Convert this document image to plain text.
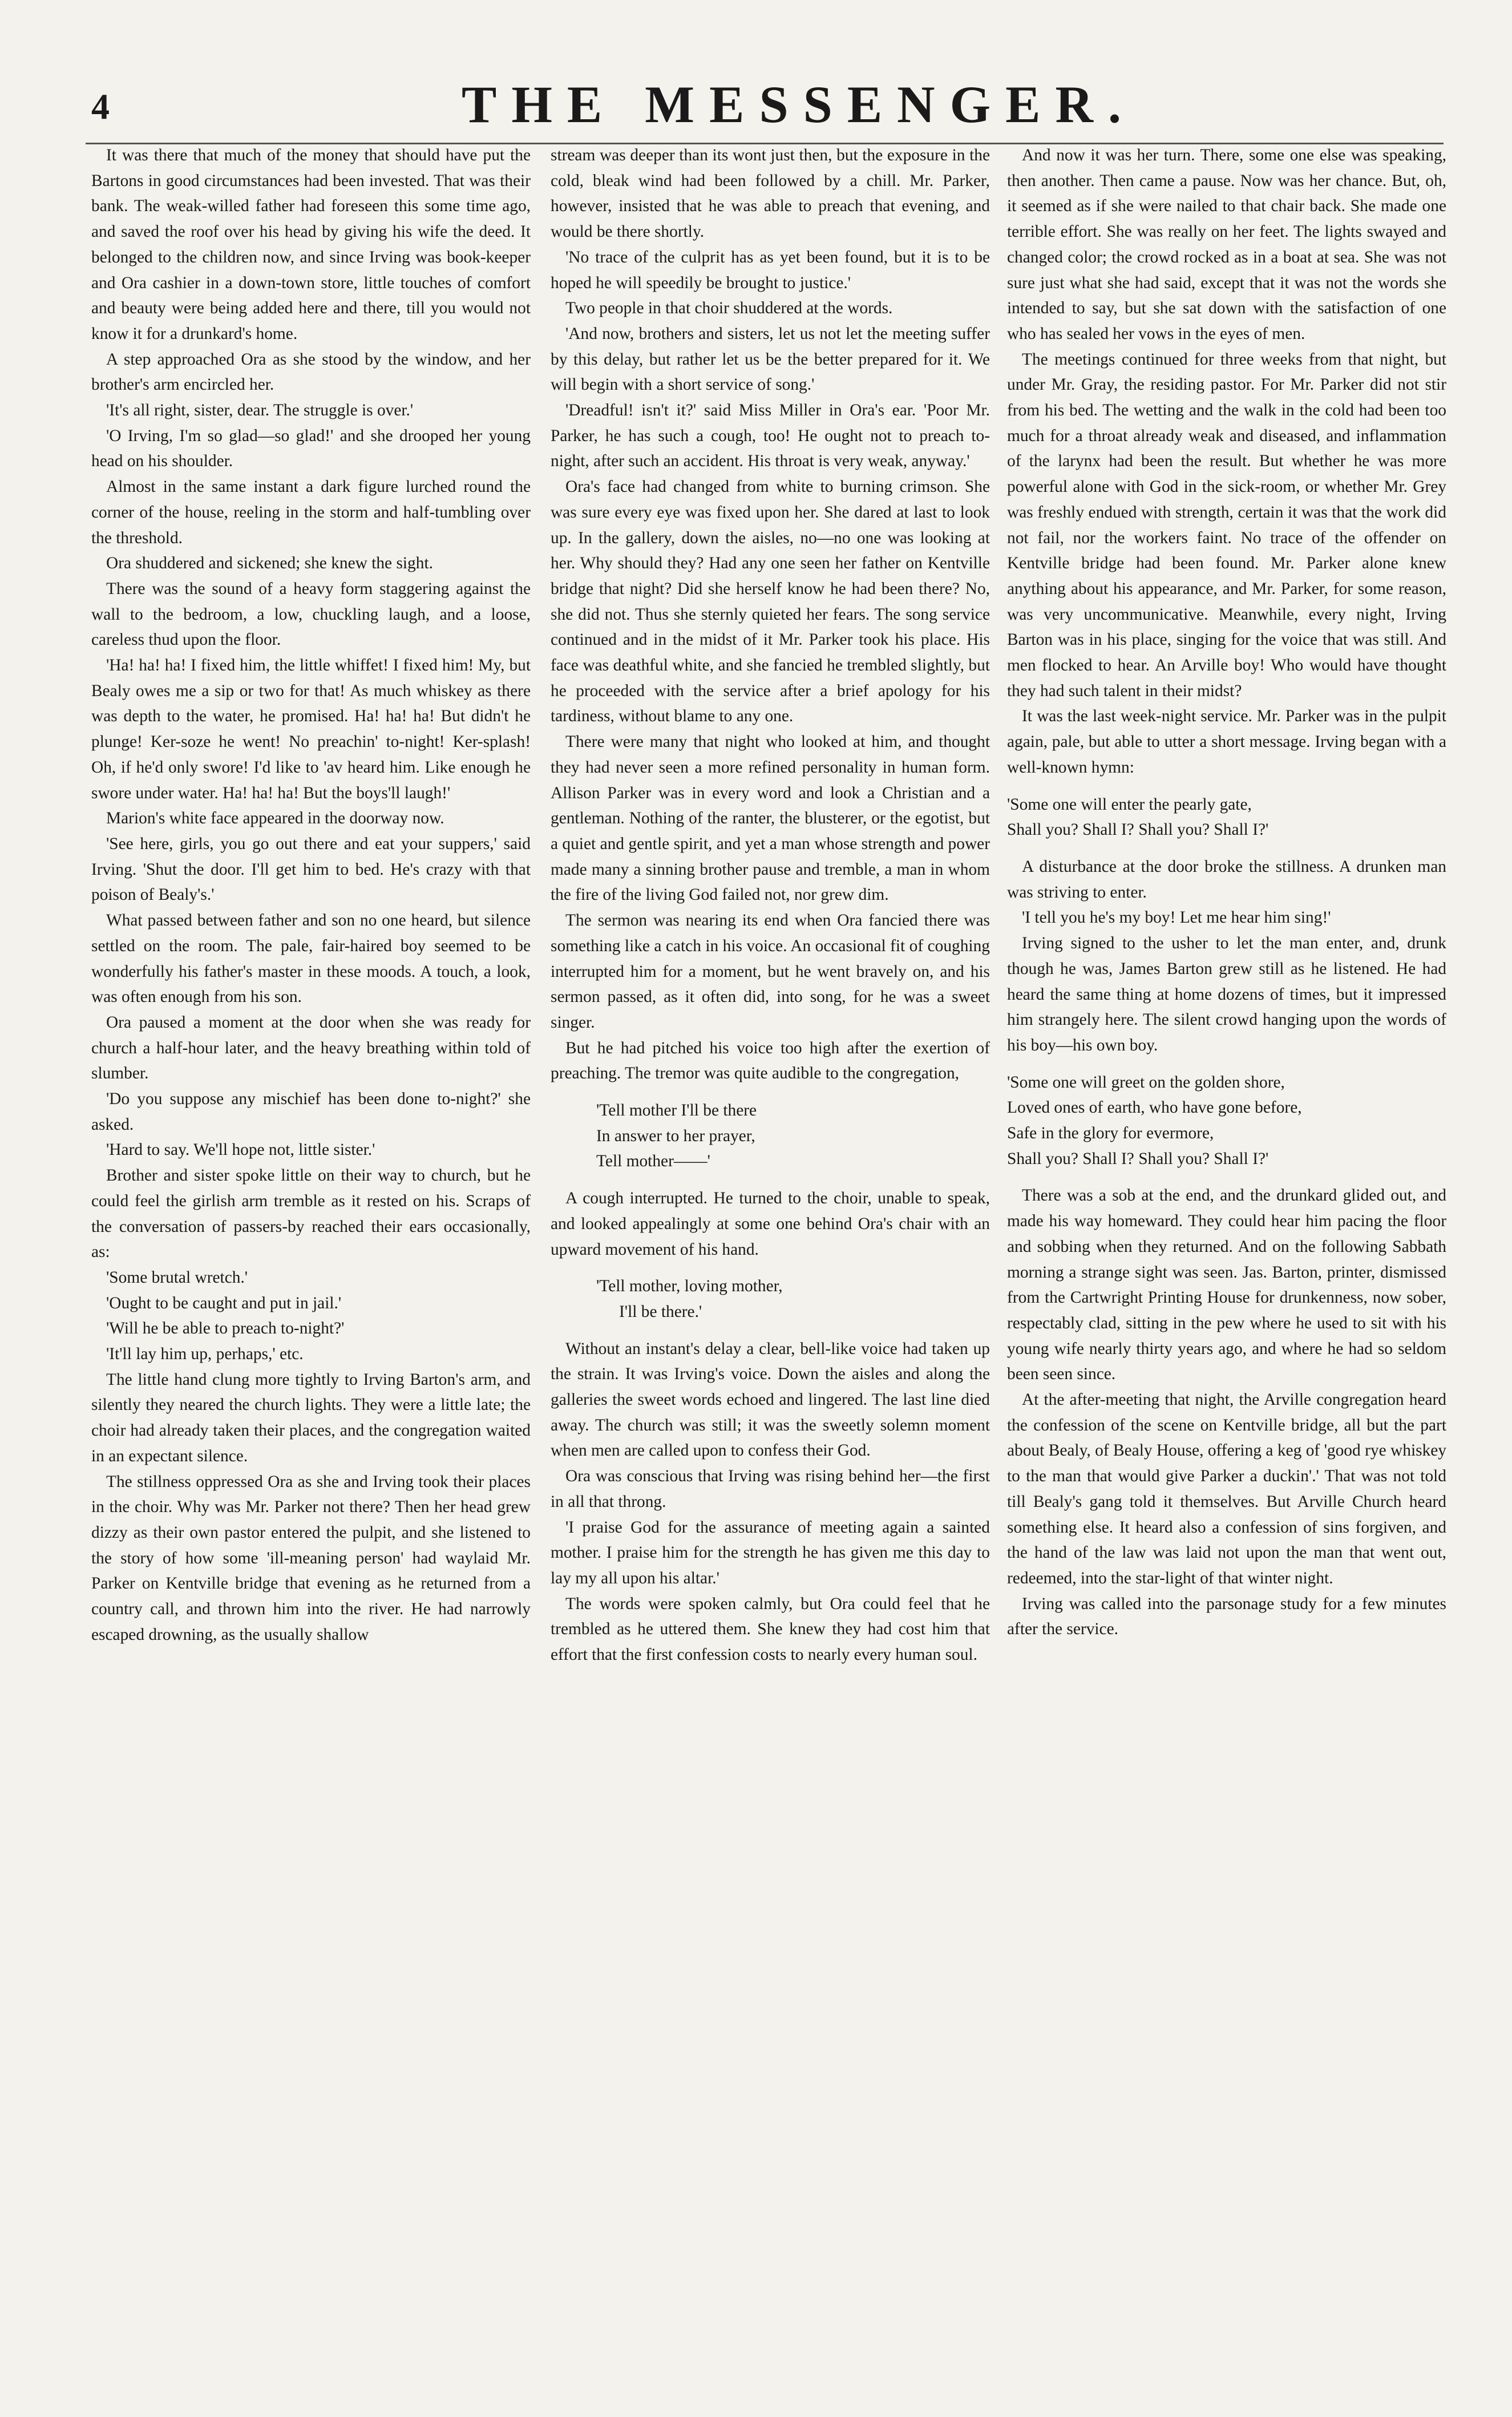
4	THE MESSENGER.

It was there that much of the money that should have put the Bartons in good circumstances had been invested. That was their bank. The weak-willed father had foreseen this some time ago, and saved the roof over his head by giving his wife the deed. It belonged to the children now, and since Irving was book-keeper and Ora cashier in a down-town store, little touches of comfort and beauty were being added here and there, till you would not know it for a drunkard's home.

A step approached Ora as she stood by the window, and her brother's arm encircled her.

'It's all right, sister, dear. The struggle is over.'

'O Irving, I'm so glad—so glad!' and she drooped her young head on his shoulder.

Almost in the same instant a dark figure lurched round the corner of the house, reeling in the storm and half-tumbling over the threshold.

Ora shuddered and sickened; she knew the sight.

There was the sound of a heavy form staggering against the wall to the bedroom, a low, chuckling laugh, and a loose, careless thud upon the floor.

'Ha! ha! ha! I fixed him, the little whiffet! I fixed him! My, but Bealy owes me a sip or two for that! As much whiskey as there was depth to the water, he promised. Ha! ha! ha! But didn't he plunge! Ker-soze he went! No preachin' to-night! Ker-splash! Oh, if he'd only swore! I'd like to 'av heard him. Like enough he swore under water. Ha! ha! ha! But the boys'll laugh!'

Marion's white face appeared in the doorway now.

'See here, girls, you go out there and eat your suppers,' said Irving. 'Shut the door. I'll get him to bed. He's crazy with that poison of Bealy's.'

What passed between father and son no one heard, but silence settled on the room. The pale, fair-haired boy seemed to be wonderfully his father's master in these moods. A touch, a look, was often enough from his son.

Ora paused a moment at the door when she was ready for church a half-hour later, and the heavy breathing within told of slumber.

'Do you suppose any mischief has been done to-night?' she asked.

'Hard to say. We'll hope not, little sister.'

Brother and sister spoke little on their way to church, but he could feel the girlish arm tremble as it rested on his. Scraps of the conversation of passers-by reached their ears occasionally, as:

'Some brutal wretch.'

'Ought to be caught and put in jail.'

'Will he be able to preach to-night?'

'It'll lay him up, perhaps,' etc.

The little hand clung more tightly to Irving Barton's arm, and silently they neared the church lights. They were a little late; the choir had already taken their places, and the congregation waited in an expectant silence.

The stillness oppressed Ora as she and Irving took their places in the choir. Why was Mr. Parker not there? Then her head grew dizzy as their own pastor entered the pulpit, and she listened to the story of how some 'ill-meaning person' had waylaid Mr. Parker on Kentville bridge that evening as he returned from a country call, and thrown him into the river. He had narrowly escaped drowning, as the usually shallow

stream was deeper than its wont just then, but the exposure in the cold, bleak wind had been followed by a chill. Mr. Parker, however, insisted that he was able to preach that evening, and would be there shortly.

'No trace of the culprit has as yet been found, but it is to be hoped he will speedily be brought to justice.'

Two people in that choir shuddered at the words.

'And now, brothers and sisters, let us not let the meeting suffer by this delay, but rather let us be the better prepared for it. We will begin with a short service of song.'

'Dreadful! isn't it?' said Miss Miller in Ora's ear. 'Poor Mr. Parker, he has such a cough, too! He ought not to preach to-night, after such an accident. His throat is very weak, anyway.'

Ora's face had changed from white to burning crimson. She was sure every eye was fixed upon her. She dared at last to look up. In the gallery, down the aisles, no—no one was looking at her. Why should they? Had any one seen her father on Kentville bridge that night? Did she herself know he had been there? No, she did not. Thus she sternly quieted her fears. The song service continued and in the midst of it Mr. Parker took his place. His face was deathful white, and she fancied he trembled slightly, but he proceeded with the service after a brief apology for his tardiness, without blame to any one.

There were many that night who looked at him, and thought they had never seen a more refined personality in human form. Allison Parker was in every word and look a Christian and a gentleman. Nothing of the ranter, the blusterer, or the egotist, but a quiet and gentle spirit, and yet a man whose strength and power made many a sinning brother pause and tremble, a man in whom the fire of the living God failed not, nor grew dim.

The sermon was nearing its end when Ora fancied there was something like a catch in his voice. An occasional fit of coughing interrupted him for a moment, but he went bravely on, and his sermon passed, as it often did, into song, for he was a sweet singer.

But he had pitched his voice too high after the exertion of preaching. The tremor was quite audible to the congregation,

'Tell mother I'll be there

In answer to her prayer,

Tell mother——'

A cough interrupted. He turned to the choir, unable to speak, and looked appealingly at some one behind Ora's chair with an upward movement of his hand.

'Tell mother, loving mother,

I'll be there.'

Without an instant's delay a clear, bell-like voice had taken up the strain. It was Irving's voice. Down the aisles and along the galleries the sweet words echoed and lingered. The last line died away. The church was still; it was the sweetly solemn moment when men are called upon to confess their God.

Ora was conscious that Irving was rising behind her—the first in all that throng.

'I praise God for the assurance of meeting again a sainted mother. I praise him for the strength he has given me this day to lay my all upon his altar.'

The words were spoken calmly, but Ora could feel that he trembled as he uttered them. She knew they had cost him that effort that the first confession costs to nearly every human soul.

And now it was her turn. There, some one else was speaking, then another. Then came a pause. Now was her chance. But, oh, it seemed as if she were nailed to that chair back. She made one terrible effort. She was really on her feet. The lights swayed and changed color; the crowd rocked as in a boat at sea. She was not sure just what she had said, except that it was not the words she intended to say, but she sat down with the satisfaction of one who has sealed her vows in the eyes of men.

The meetings continued for three weeks from that night, but under Mr. Gray, the residing pastor. For Mr. Parker did not stir from his bed. The wetting and the walk in the cold had been too much for a throat already weak and diseased, and inflammation of the larynx had been the result. But whether he was more powerful alone with God in the sick-room, or whether Mr. Grey was freshly endued with strength, certain it was that the work did not fail, nor the workers faint. No trace of the offender on Kentville bridge had been found. Mr. Parker alone knew anything about his appearance, and Mr. Parker, for some reason, was very uncommunicative. Meanwhile, every night, Irving Barton was in his place, singing for the voice that was still. And men flocked to hear. An Arville boy! Who would have thought they had such talent in their midst?

It was the last week-night service. Mr. Parker was in the pulpit again, pale, but able to utter a short message. Irving began with a well-known hymn:

'Some one will enter the pearly gate,

Shall you? Shall I? Shall you? Shall I?'

A disturbance at the door broke the stillness. A drunken man was striving to enter.

'I tell you he's my boy! Let me hear him sing!'

Irving signed to the usher to let the man enter, and, drunk though he was, James Barton grew still as he listened. He had heard the same thing at home dozens of times, but it impressed him strangely here. The silent crowd hanging upon the words of his boy—his own boy.

'Some one will greet on the golden shore,

Loved ones of earth, who have gone before,

Safe in the glory for evermore,

Shall you? Shall I? Shall you? Shall I?'

There was a sob at the end, and the drunkard glided out, and made his way homeward. They could hear him pacing the floor and sobbing when they returned. And on the following Sabbath morning a strange sight was seen. Jas. Barton, printer, dismissed from the Cartwright Printing House for drunkenness, now sober, respectably clad, sitting in the pew where he used to sit with his young wife nearly thirty years ago, and where he had so seldom been seen since.

At the after-meeting that night, the Arville congregation heard the confession of the scene on Kentville bridge, all but the part about Bealy, of Bealy House, offering a keg of 'good rye whiskey to the man that would give Parker a duckin'.' That was not told till Bealy's gang told it themselves. But Arville Church heard something else. It heard also a confession of sins forgiven, and the hand of the law was laid not upon the man that went out, redeemed, into the star-light of that winter night.

Irving was called into the parsonage study for a few minutes after the service.
